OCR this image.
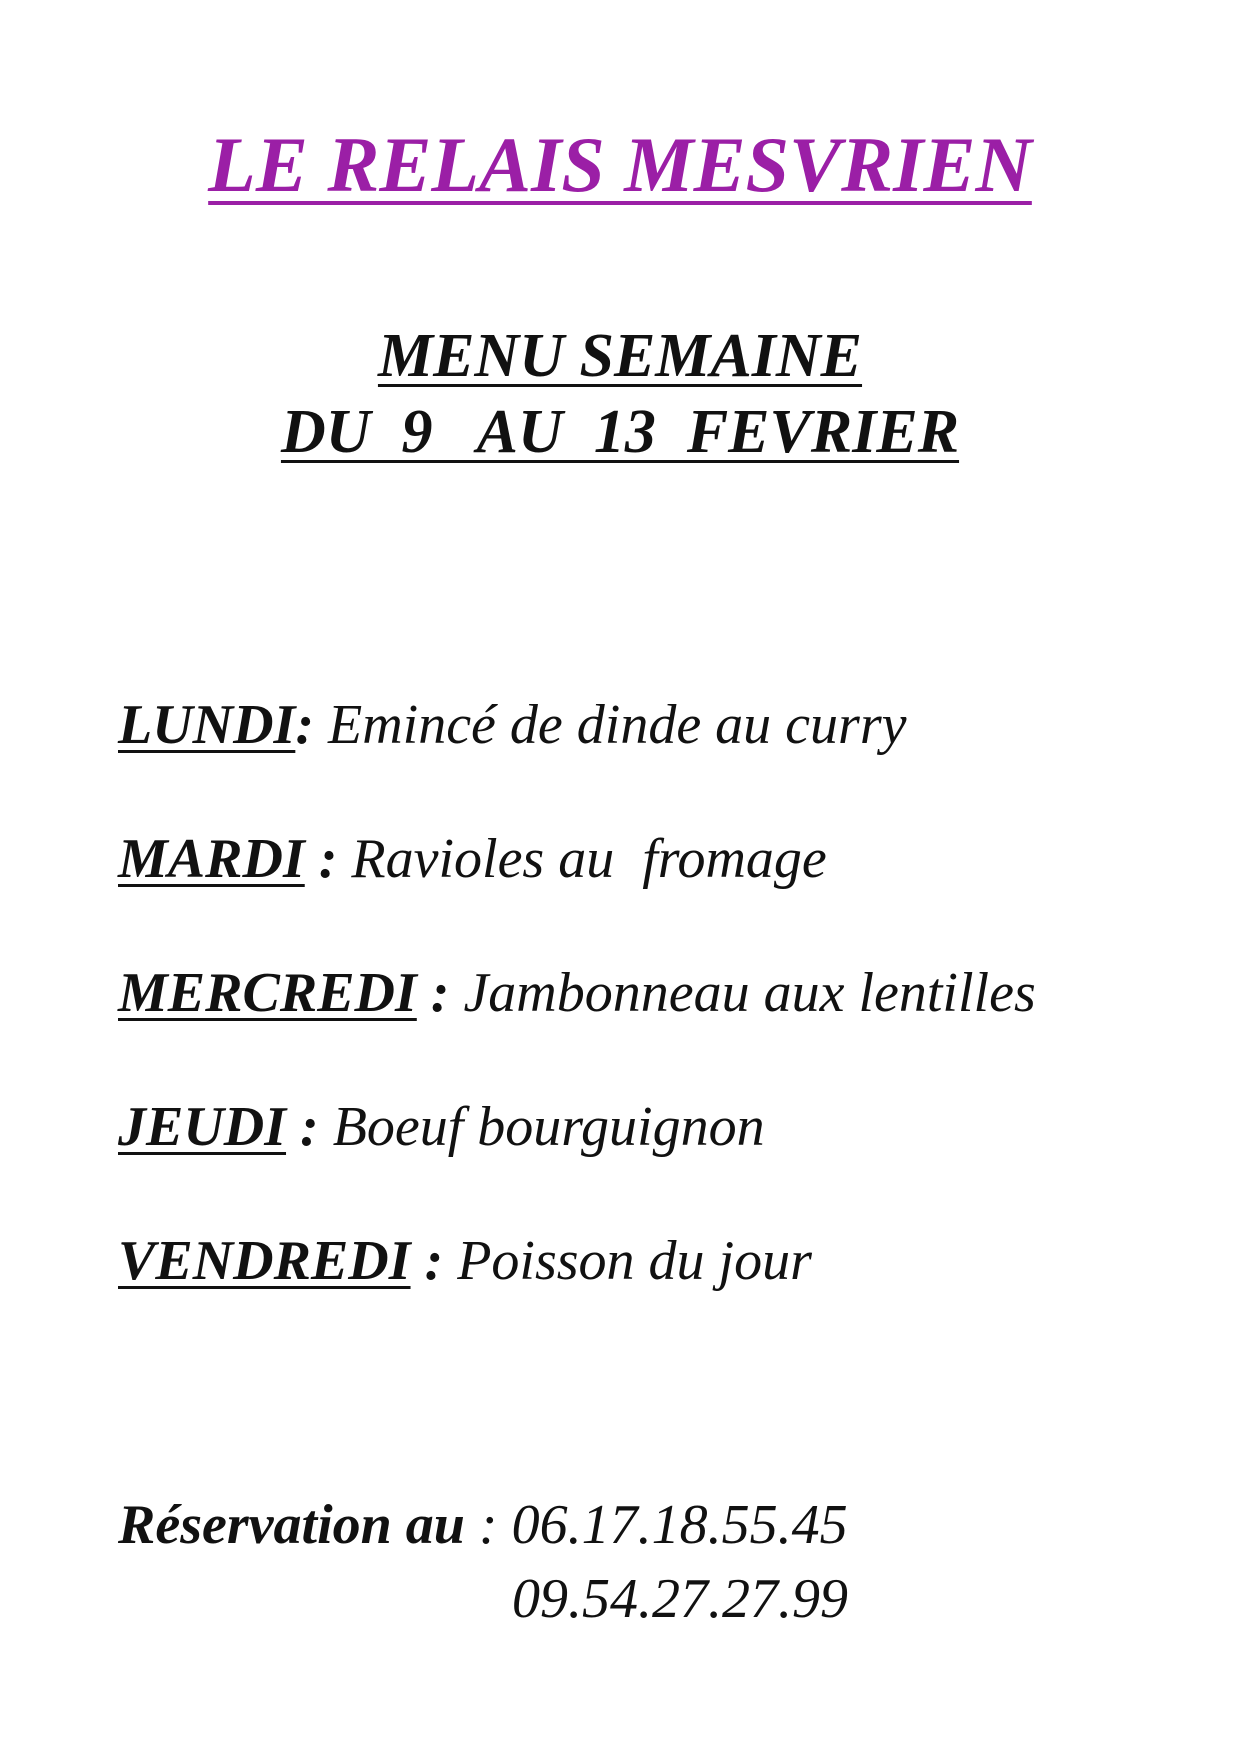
LE RELAIS MESVRIEN
MENU SEMAINE
DU  9   AU  13  FEVRIER
LUNDI: Emincé de dinde au curry
MARDI : Ravioles au  fromage
MERCREDI : Jambonneau aux lentilles
JEUDI : Boeuf bourguignon
VENDREDI : Poisson du jour
Réservation au : 06.17.18.55.45
09.54.27.27.99
